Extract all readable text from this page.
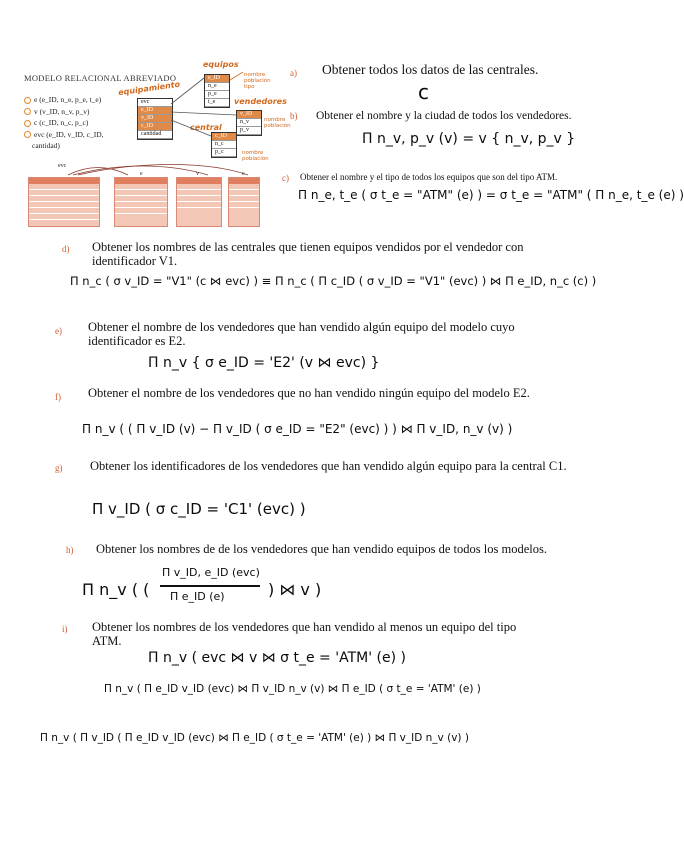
MODELO RELACIONAL ABREVIADO
e (e_ID, n_e, p_e, t_e)
v (v_ID, n_v, p_v)
c (c_ID, n_c, p_c)
evc (e_ID, v_ID, c_ID,
cantidad)
equipos
equipamiento
vendedores
central
nombre
población
tipo
nombre
población
nombre
población
e_ID
n_e
p_e
t_e
evc
e_ID
v_ID
c_ID
cantidad
v_ID
n_v
p_v
c_ID
n_c
p_c
evc
e	v	c
a) Obtener todos los datos de las centrales.
c
b) Obtener el nombre y la ciudad de todos los vendedores.
Π n_v, p_v (v) = v { n_v, p_v }
c) Obtener el nombre y el tipo de todos los equipos que son del tipo ATM.
Π n_e, t_e ( σ t_e = "ATM" (e) ) = σ t_e = "ATM" ( Π n_e, t_e (e) )
d) Obtener los nombres de las centrales que tienen equipos vendidos por el vendedor con identificador V1.
Π n_c ( σ v_ID = "V1" (c ⋈ evc) ) ≡ Π n_c ( Π c_ID ( σ v_ID = "V1" (evc) ) ⋈ Π e_ID, n_c (c) )
e) Obtener el nombre de los vendedores que han vendido algún equipo del modelo cuyo identificador es E2.
Π n_v { σ e_ID = 'E2' (v ⋈ evc) }
f) Obtener el nombre de los vendedores que no han vendido ningún equipo del modelo E2.
Π n_v ( ( Π v_ID (v) − Π v_ID ( σ e_ID = "E2" (evc) ) ) ⋈ Π v_ID, n_v (v) )
g) Obtener los identificadores de los vendedores que han vendido algún equipo para la central C1.
Π v_ID ( σ c_ID = 'C1' (evc) )
h) Obtener los nombres de de los vendedores que han vendido equipos de todos los modelos.
Π n_v ( (
Π v_ID, e_ID (evc)
Π e_ID (e)	) ⋈ v )
i) Obtener los nombres de los vendedores que han vendido al menos un equipo del tipo ATM.
Π n_v ( evc ⋈ v ⋈ σ t_e = 'ATM' (e) )
Π n_v ( Π e_ID v_ID (evc) ⋈ Π v_ID n_v (v) ⋈ Π e_ID ( σ t_e = 'ATM' (e) )
Π n_v ( Π v_ID ( Π e_ID v_ID (evc) ⋈ Π e_ID ( σ t_e = 'ATM' (e) ) ⋈ Π v_ID n_v (v) )
